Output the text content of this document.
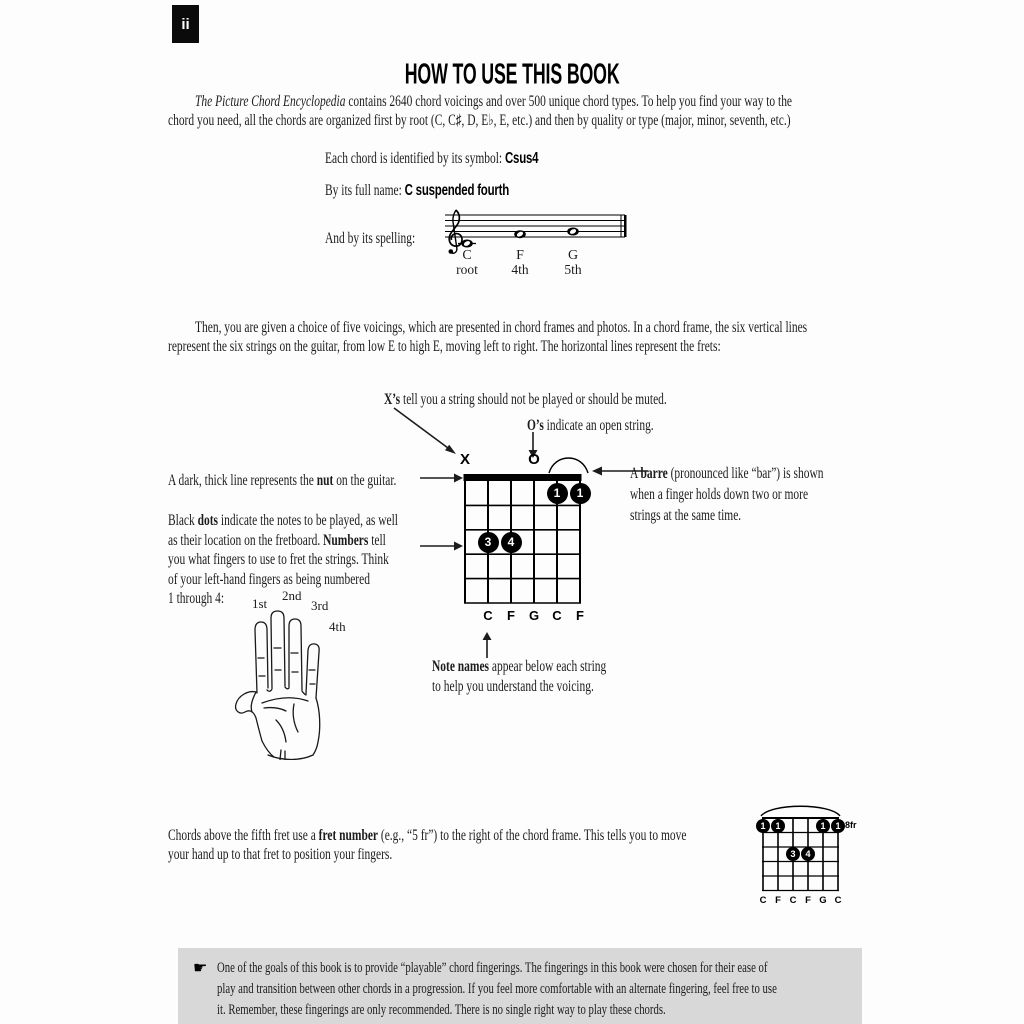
ii
HOW TO USE THIS BOOK
The Picture Chord Encyclopedia contains 2640 chord voicings and over 500 unique chord types. To help you find your way to the
chord you need, all the chords are organized first by root (C, C♯, D, E♭, E, etc.) and then by quality or type (major, minor, seventh, etc.)
Each chord is identified by its symbol: Csus4
By its full name: C suspended fourth
And by its spelling:
C
root
F
4th
G
5th
Then, you are given a choice of five voicings, which are presented in chord frames and photos. In a chord frame, the six vertical lines
represent the six strings on the guitar, from low E to high E, moving left to right. The horizontal lines represent the frets:
X’s tell you a string should not be played or should be muted.
O’s indicate an open string.
A dark, thick line represents the nut on the guitar.
Black dots indicate the notes to be played, as well
as their location on the fretboard. Numbers tell
you what fingers to use to fret the strings. Think
of your left-hand fingers as being numbered
1 through 4:
A barre (pronounced like “bar”) is shown
when a finger holds down two or more
strings at the same time.
X	O
1	1
3	4
C	F	G	C	F
Note names appear below each string
to help you understand the voicing.
1st
2nd
3rd
4th
Chords above the fifth fret use a fret number (e.g., “5 fr”) to the right of the chord frame. This tells you to move
your hand up to that fret to position your fingers.
1	1	1	1
3	4
8fr
C F C F G C
☛ One of the goals of this book is to provide “playable” chord fingerings. The fingerings in this book were chosen for their ease of
play and transition between other chords in a progression. If you feel more comfortable with an alternate fingering, feel free to use
it. Remember, these fingerings are only recommended. There is no single right way to play these chords.
